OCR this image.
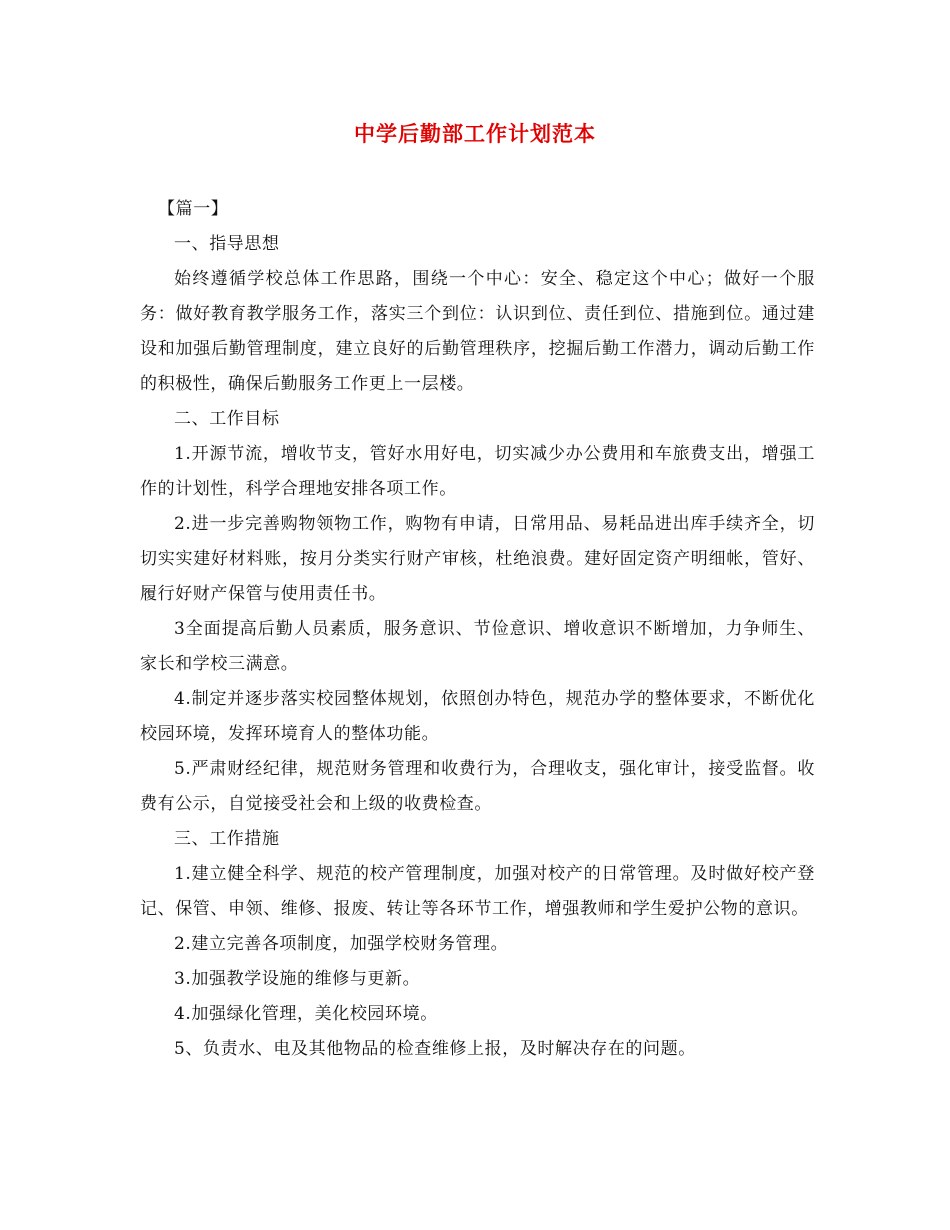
中学后勤部工作计划范本

【篇一】

一、指导思想

始终遵循学校总体工作思路，围绕一个中心：安全、稳定这个中心；做好一个服务：做好教育教学服务工作，落实三个到位：认识到位、责任到位、措施到位。通过建设和加强后勤管理制度，建立良好的后勤管理秩序，挖掘后勤工作潜力，调动后勤工作的积极性，确保后勤服务工作更上一层楼。

二、工作目标

1.开源节流，增收节支，管好水用好电，切实减少办公费用和车旅费支出，增强工作的计划性，科学合理地安排各项工作。

2.进一步完善购物领物工作，购物有申请，日常用品、易耗品进出库手续齐全，切切实实建好材料账，按月分类实行财产审核，杜绝浪费。建好固定资产明细帐，管好、履行好财产保管与使用责任书。

3全面提高后勤人员素质，服务意识、节俭意识、增收意识不断增加，力争师生、家长和学校三满意。

4.制定并逐步落实校园整体规划，依照创办特色，规范办学的整体要求，不断优化校园环境，发挥环境育人的整体功能。

5.严肃财经纪律，规范财务管理和收费行为，合理收支，强化审计，接受监督。收费有公示，自觉接受社会和上级的收费检查。

三、工作措施

1.建立健全科学、规范的校产管理制度，加强对校产的日常管理。及时做好校产登记、保管、申领、维修、报废、转让等各环节工作，增强教师和学生爱护公物的意识。

2.建立完善各项制度，加强学校财务管理。

3.加强教学设施的维修与更新。

4.加强绿化管理，美化校园环境。

5、负责水、电及其他物品的检查维修上报，及时解决存在的问题。
